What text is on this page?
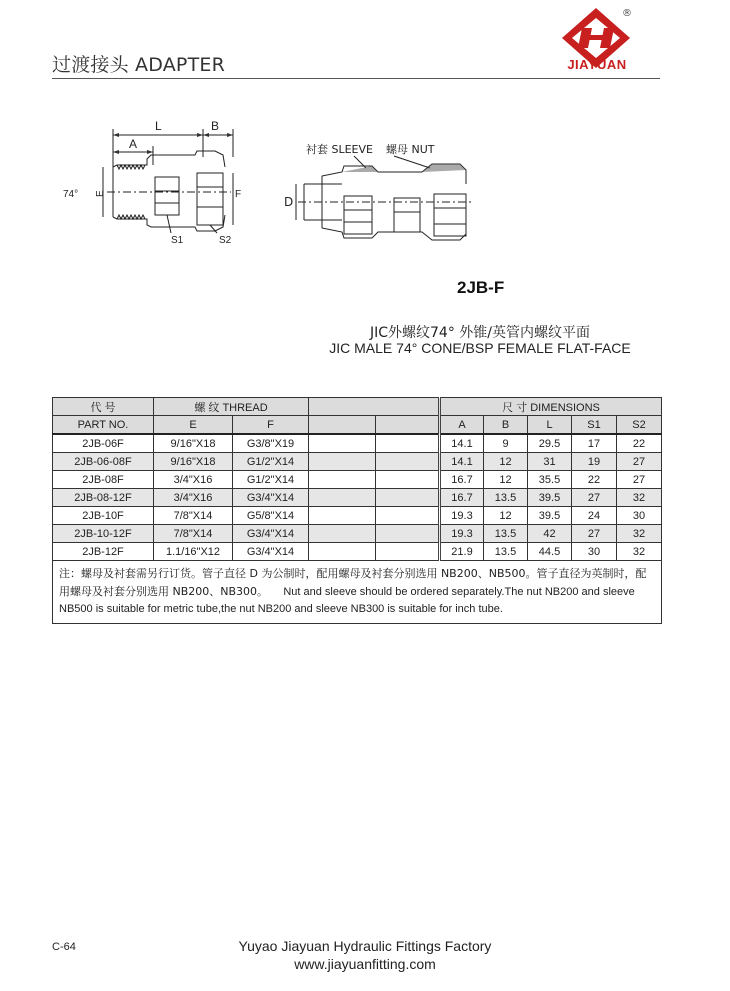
过渡接头 ADAPTER
®
JIAYUAN
L	B
A
74° E	F
S1	S2
衬套 SLEEVE 螺母 NUT
D
2JB-F
JIC外螺纹74° 外锥/英管内螺纹平面
JIC MALE 74° CONE/BSP FEMALE FLAT-FACE
代 号	螺 纹 THREAD				尺 寸 DIMENSIONS				
PART NO.	E	F			A	B	L	S1	S2
2JB-06F	9/16"X18	G3/8"X19			14.1	9	29.5	17	22
2JB-06-08F	9/16"X18	G1/2"X14			14.1	12	31	19	27
2JB-08F	3/4"X16	G1/2"X14			16.7	12	35.5	22	27
2JB-08-12F	3/4"X16	G3/4"X14			16.7	13.5	39.5	27	32
2JB-10F	7/8"X14	G5/8"X14			19.3	12	39.5	24	30
2JB-10-12F	7/8"X14	G3/4"X14			19.3	13.5	42	27	32
2JB-12F	1.1/16"X12	G3/4"X14			21.9	13.5	44.5	30	32
注：螺母及衬套需另行订货。管子直径 D 为公制时，配用螺母及衬套分别选用 NB200、NB500。管子直径为英制时，配用螺母及衬套分别选用 NB200、NB300。 Nut and sleeve should be ordered separately.The nut NB200 and sleeve NB500 is suitable for metric tube,the nut NB200 and sleeve NB300 is suitable for inch tube.									
C-64	Yuyao Jiayuan Hydraulic Fittings Factory
www.jiayuanfitting.com
